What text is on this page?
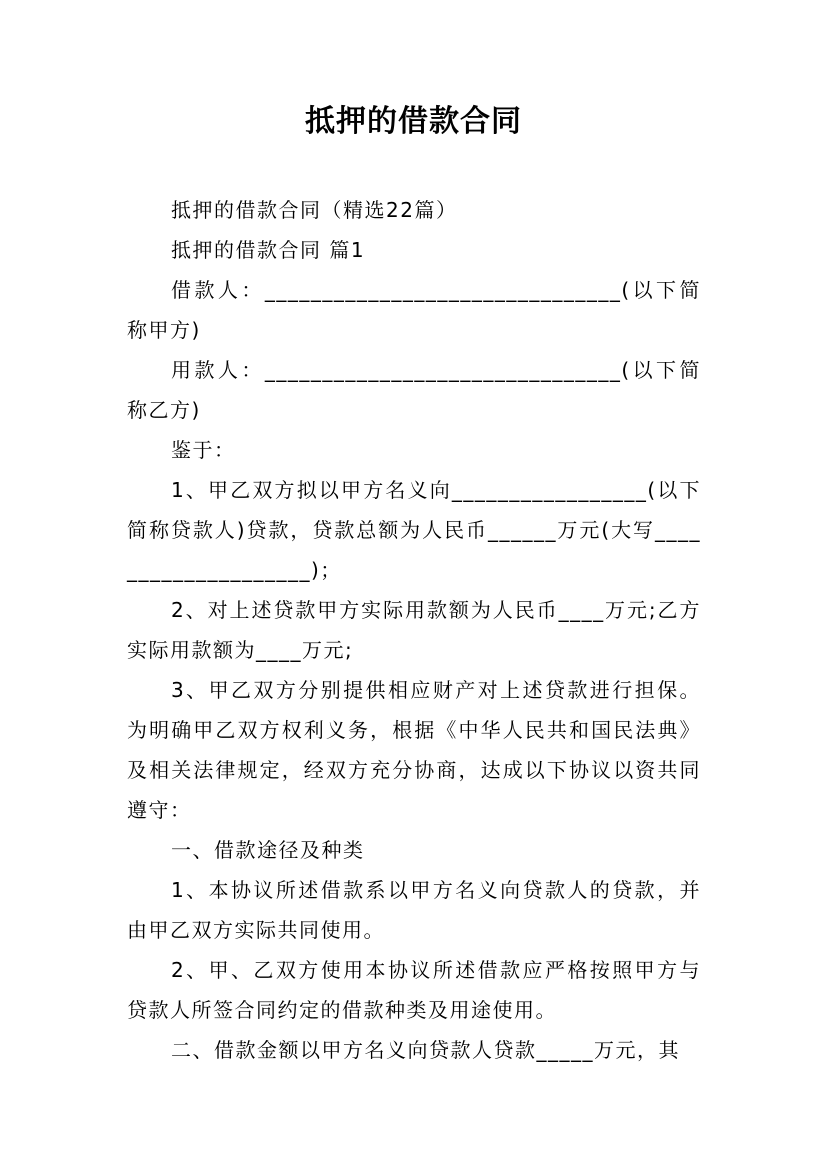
抵押的借款合同

抵押的借款合同（精选22篇）

抵押的借款合同 篇1

借款人：_______________________________(以下简称甲方)

用款人：_______________________________(以下简称乙方)

鉴于：

1、甲乙双方拟以甲方名义向_________________(以下简称贷款人)贷款，贷款总额为人民币______万元(大写____________________)；

2、对上述贷款甲方实际用款额为人民币____万元;乙方实际用款额为____万元;

3、甲乙双方分别提供相应财产对上述贷款进行担保。为明确甲乙双方权利义务，根据《中华人民共和国民法典》及相关法律规定，经双方充分协商，达成以下协议以资共同遵守：

一、借款途径及种类

1、本协议所述借款系以甲方名义向贷款人的贷款，并由甲乙双方实际共同使用。

2、甲、乙双方使用本协议所述借款应严格按照甲方与贷款人所签合同约定的借款种类及用途使用。

二、借款金额以甲方名义向贷款人贷款_____万元，其
